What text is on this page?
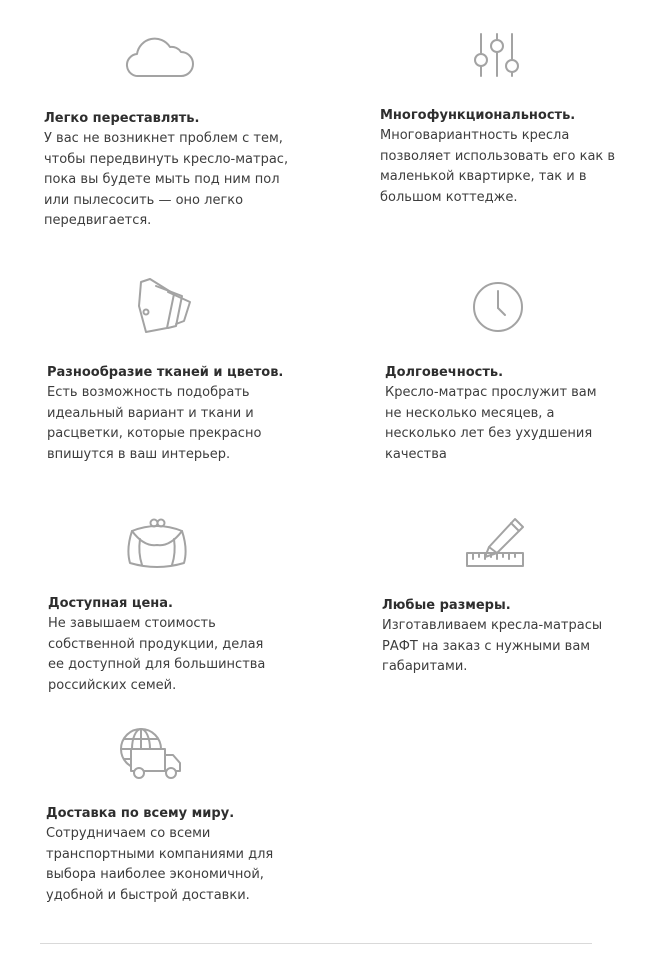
Легко переставлять.
У вас не возникнет проблем с тем,
чтобы передвинуть кресло-матрас,
пока вы будете мыть под ним пол
или пылесосить — оно легко
передвигается.
Многофункциональность.
Многовариантность кресла
позволяет использовать его как в
маленькой квартирке, так и в
большом коттедже.
Разнообразие тканей и цветов.
Есть возможность подобрать
идеальный вариант и ткани и
расцветки, которые прекрасно
впишутся в ваш интерьер.
Долговечность.
Кресло-матрас прослужит вам
не несколько месяцев, а
несколько лет без ухудшения
качества
Доступная цена.
Не завышаем стоимость
собственной продукции, делая
ее доступной для большинства
российских семей.
Любые размеры.
Изготавливаем кресла-матрасы
РАФТ на заказ с нужными вам
габаритами.
Доставка по всему миру.
Сотрудничаем со всеми
транспортными компаниями для
выбора наиболее экономичной,
удобной и быстрой доставки.
